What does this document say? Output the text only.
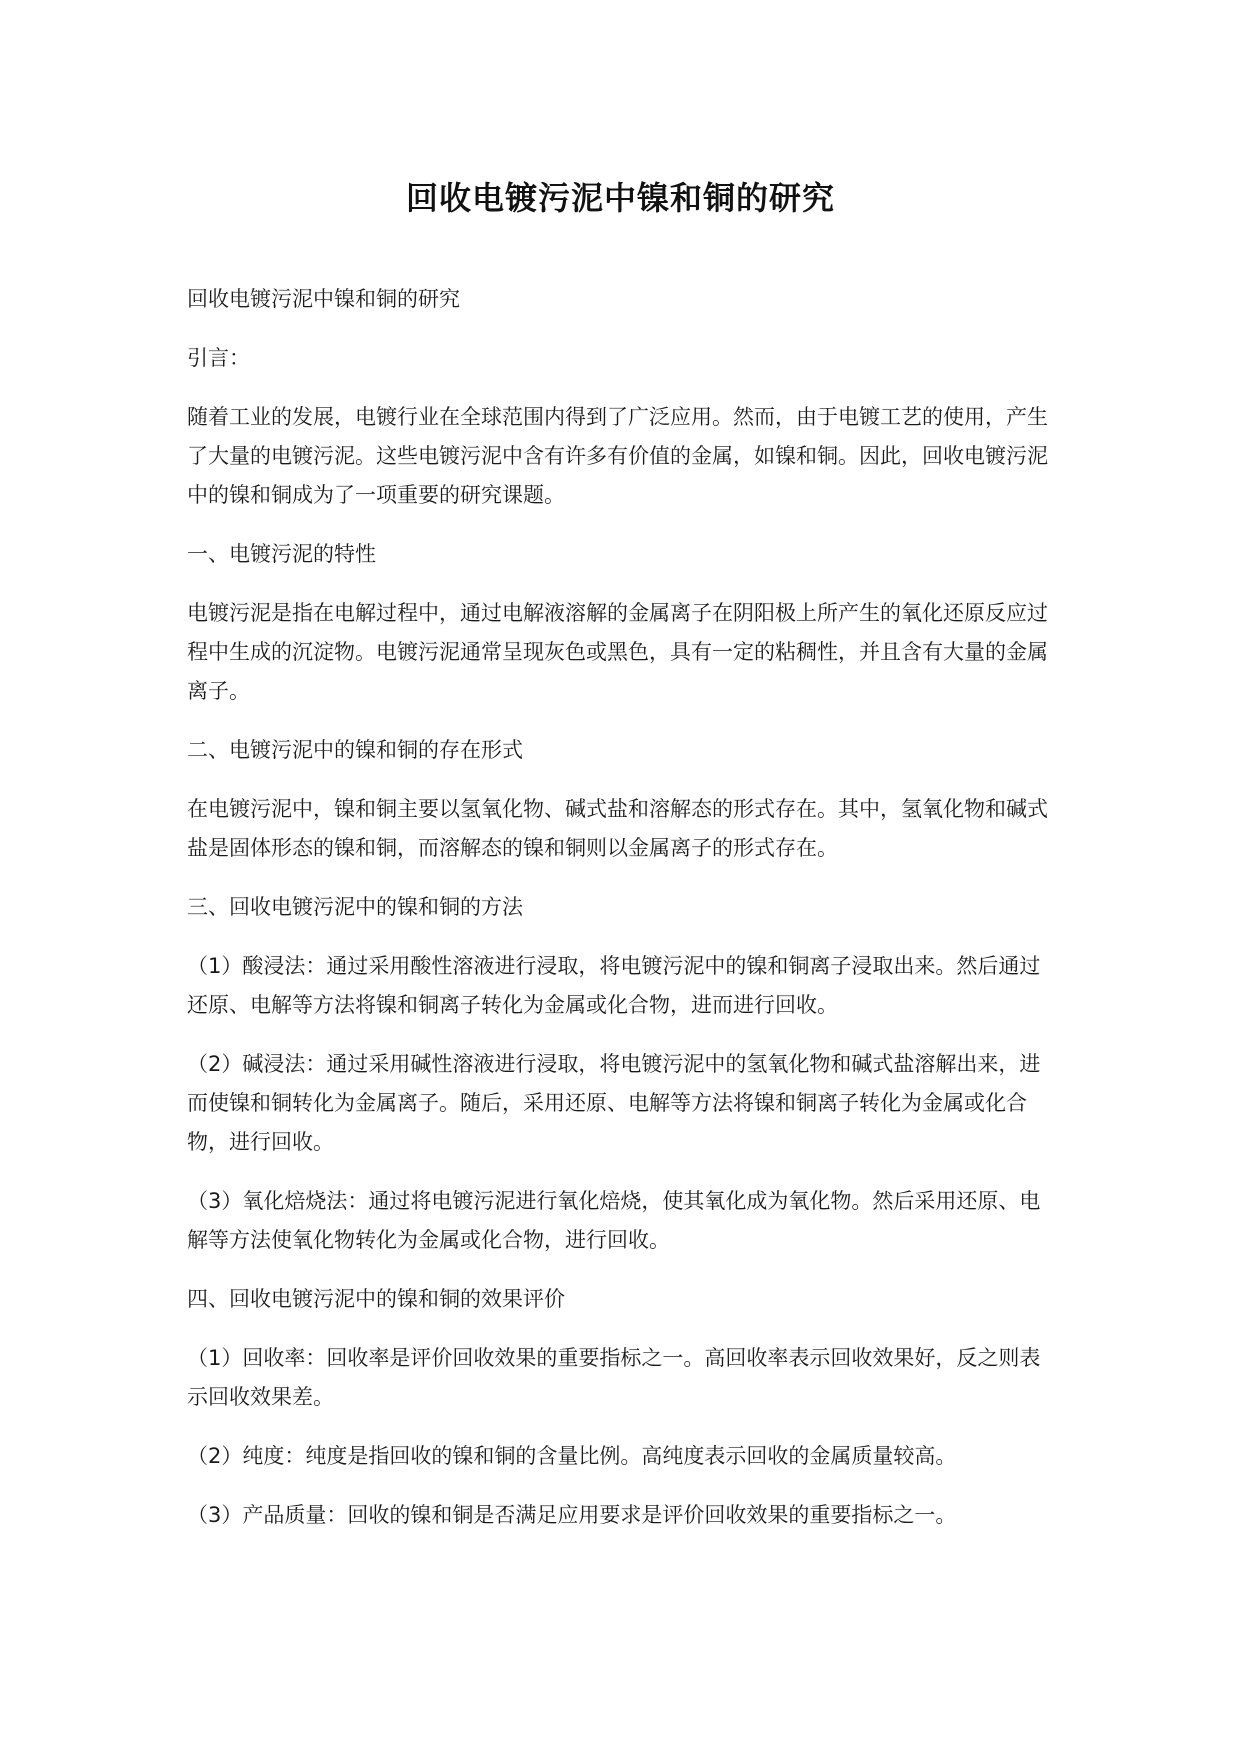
回收电镀污泥中镍和铜的研究

回收电镀污泥中镍和铜的研究

引言：

随着工业的发展，电镀行业在全球范围内得到了广泛应用。然而，由于电镀工艺的使用，产生了大量的电镀污泥。这些电镀污泥中含有许多有价值的金属，如镍和铜。因此，回收电镀污泥中的镍和铜成为了一项重要的研究课题。

一、电镀污泥的特性

电镀污泥是指在电解过程中，通过电解液溶解的金属离子在阴阳极上所产生的氧化还原反应过程中生成的沉淀物。电镀污泥通常呈现灰色或黑色，具有一定的粘稠性，并且含有大量的金属离子。

二、电镀污泥中的镍和铜的存在形式

在电镀污泥中，镍和铜主要以氢氧化物、碱式盐和溶解态的形式存在。其中，氢氧化物和碱式盐是固体形态的镍和铜，而溶解态的镍和铜则以金属离子的形式存在。

三、回收电镀污泥中的镍和铜的方法

（1）酸浸法：通过采用酸性溶液进行浸取，将电镀污泥中的镍和铜离子浸取出来。然后通过还原、电解等方法将镍和铜离子转化为金属或化合物，进而进行回收。

（2）碱浸法：通过采用碱性溶液进行浸取，将电镀污泥中的氢氧化物和碱式盐溶解出来，进而使镍和铜转化为金属离子。随后，采用还原、电解等方法将镍和铜离子转化为金属或化合物，进行回收。

（3）氧化焙烧法：通过将电镀污泥进行氧化焙烧，使其氧化成为氧化物。然后采用还原、电解等方法使氧化物转化为金属或化合物，进行回收。

四、回收电镀污泥中的镍和铜的效果评价

（1）回收率：回收率是评价回收效果的重要指标之一。高回收率表示回收效果好，反之则表示回收效果差。

（2）纯度：纯度是指回收的镍和铜的含量比例。高纯度表示回收的金属质量较高。

（3）产品质量：回收的镍和铜是否满足应用要求是评价回收效果的重要指标之一。
